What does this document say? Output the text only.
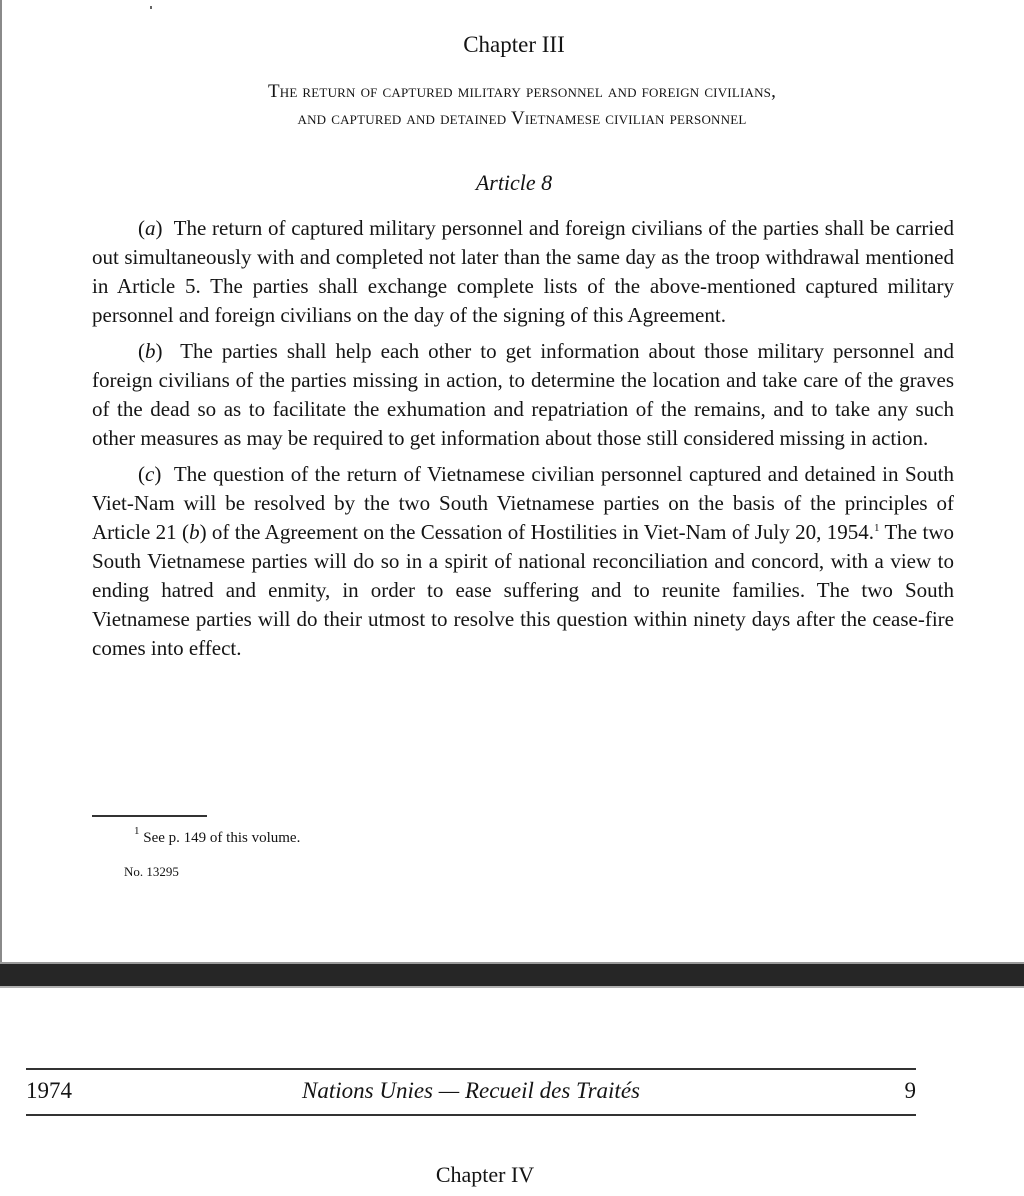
Chapter III
The return of captured military personnel and foreign civilians,
and captured and detained Vietnamese civilian personnel
Article 8

(a) The return of captured military personnel and foreign civilians of the parties shall be carried out simultaneously with and completed not later than the same day as the troop withdrawal mentioned in Article 5. The parties shall exchange complete lists of the above-mentioned captured military personnel and foreign civilians on the day of the signing of this Agreement.

(b) The parties shall help each other to get information about those military personnel and foreign civilians of the parties missing in action, to determine the location and take care of the graves of the dead so as to facilitate the exhumation and repatriation of the remains, and to take any such other measures as may be required to get information about those still considered missing in action.

(c) The question of the return of Vietnamese civilian personnel captured and detained in South Viet-Nam will be resolved by the two South Vietnamese parties on the basis of the principles of Article 21 (b) of the Agreement on the Cessation of Hostilities in Viet-Nam of July 20, 1954.$^1$ The two South Vietnamese parties will do so in a spirit of national reconciliation and concord, with a view to ending hatred and enmity, in order to ease suffering and to reunite families. The two South Vietnamese parties will do their utmost to resolve this question within ninety days after the cease-fire comes into effect.

$^1$ See p. 149 of this volume.
No. 13295
1974	Nations Unies — Recueil des Traités	9
Chapter IV
